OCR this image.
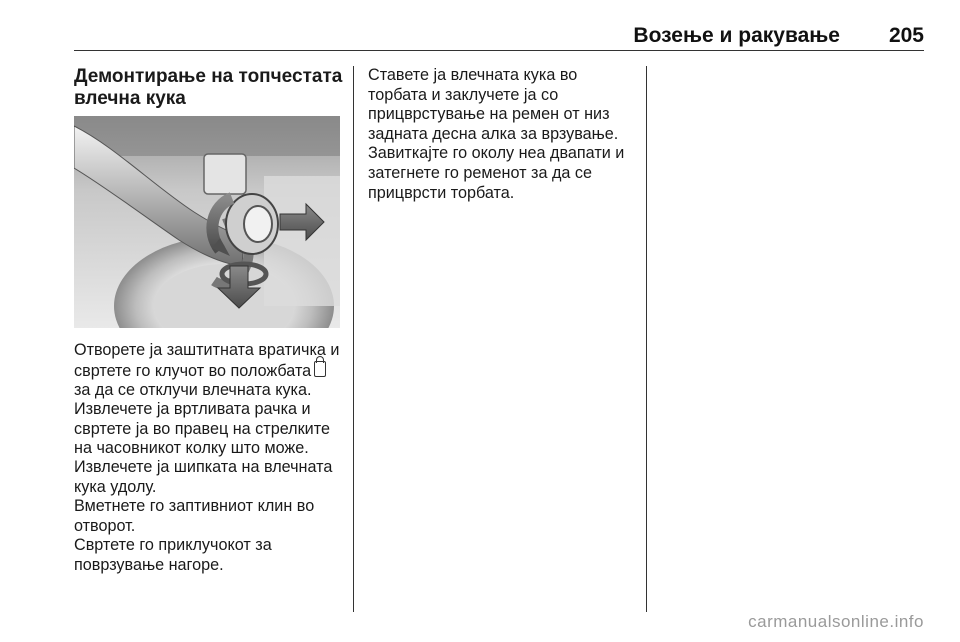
Возење и ракување 205
Демонтирање на топчестата влечна кука

Отворете ја заштитната вратичка и свртете го клучот во положбата
за да се отклучи влечната кука.

Извлечете ја вртливата рачка и свртете ја во правец на стрелките на часовникот колку што може.

Извлечете ја шипката на влечната кука удолу.

Вметнете го заптивниот клин во отворот.

Свртете го приклучокот за поврзување нагоре.

Ставете ја влечната кука во торбата и заклучете ја со прицврстување на ремен от низ задната десна алка за врзување. Завиткајте го околу неа двапати и затегнете го ременот за да се прицврсти торбата.

carmanualsonline.info
